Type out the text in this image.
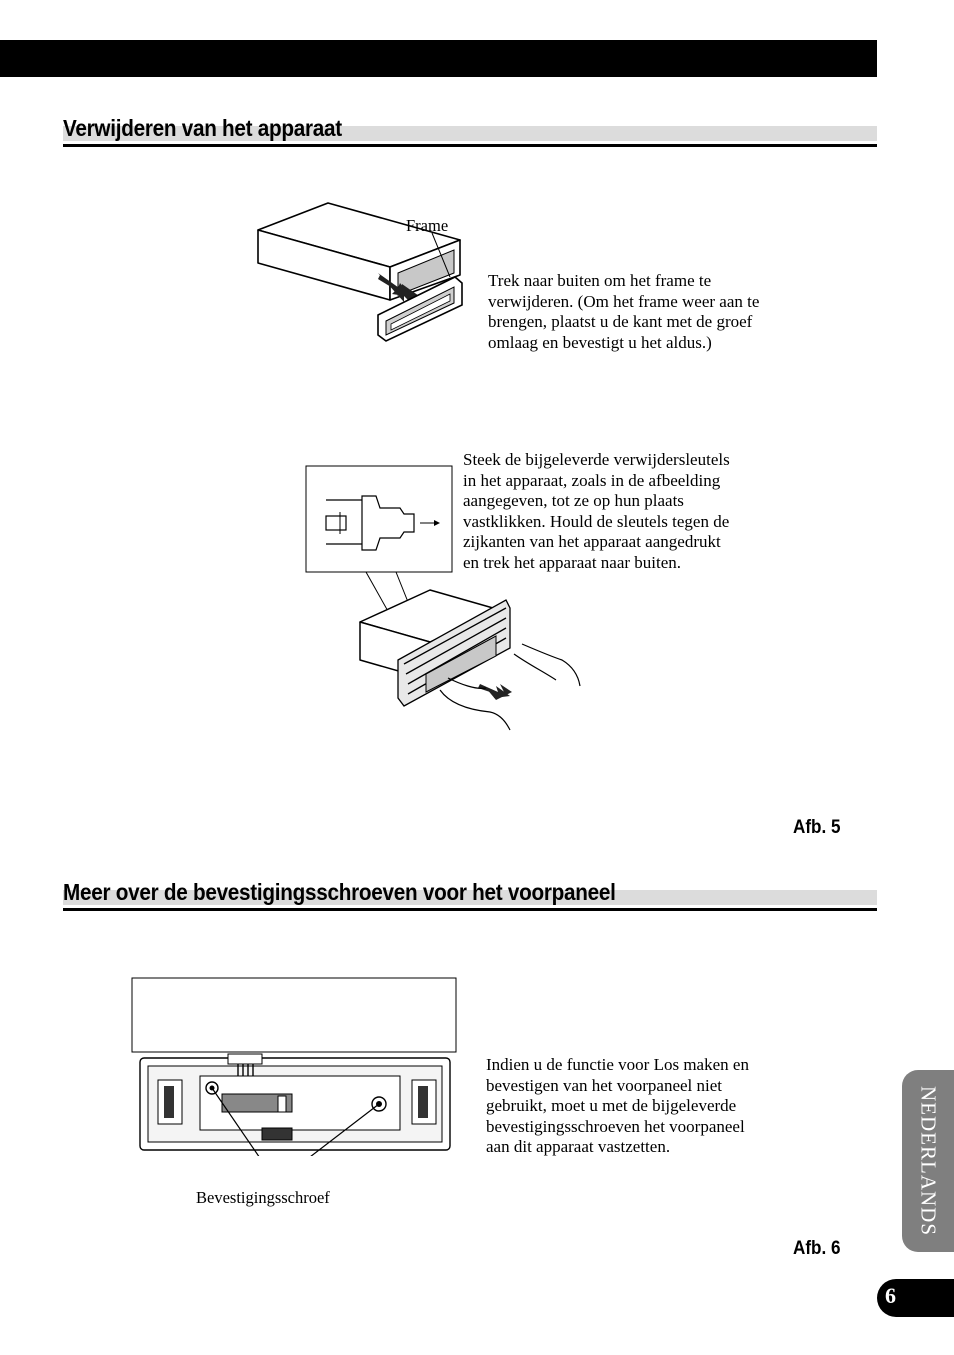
Verwijderen van het apparaat
Frame
Trek naar buiten om het frame te
verwijderen. (Om het frame weer aan te
brengen, plaatst u de kant met de groef
omlaag en bevestigt u het aldus.)
Steek de bijgeleverde verwijdersleutels
in het apparaat, zoals in de afbeelding
aangegeven, tot ze op hun plaats
vastklikken. Hould de sleutels tegen de
zijkanten van het apparaat aangedrukt
en trek het apparaat naar buiten.
Afb. 5
Meer over de bevestigingsschroeven voor het voorpaneel
Bevestigingsschroef
Indien u de functie voor Los maken en
bevestigen van het voorpaneel niet
gebruikt, moet u met de bijgeleverde
bevestigingsschroeven het voorpaneel
aan dit apparaat vastzetten.
Afb. 6
NEDERLANDS
6
